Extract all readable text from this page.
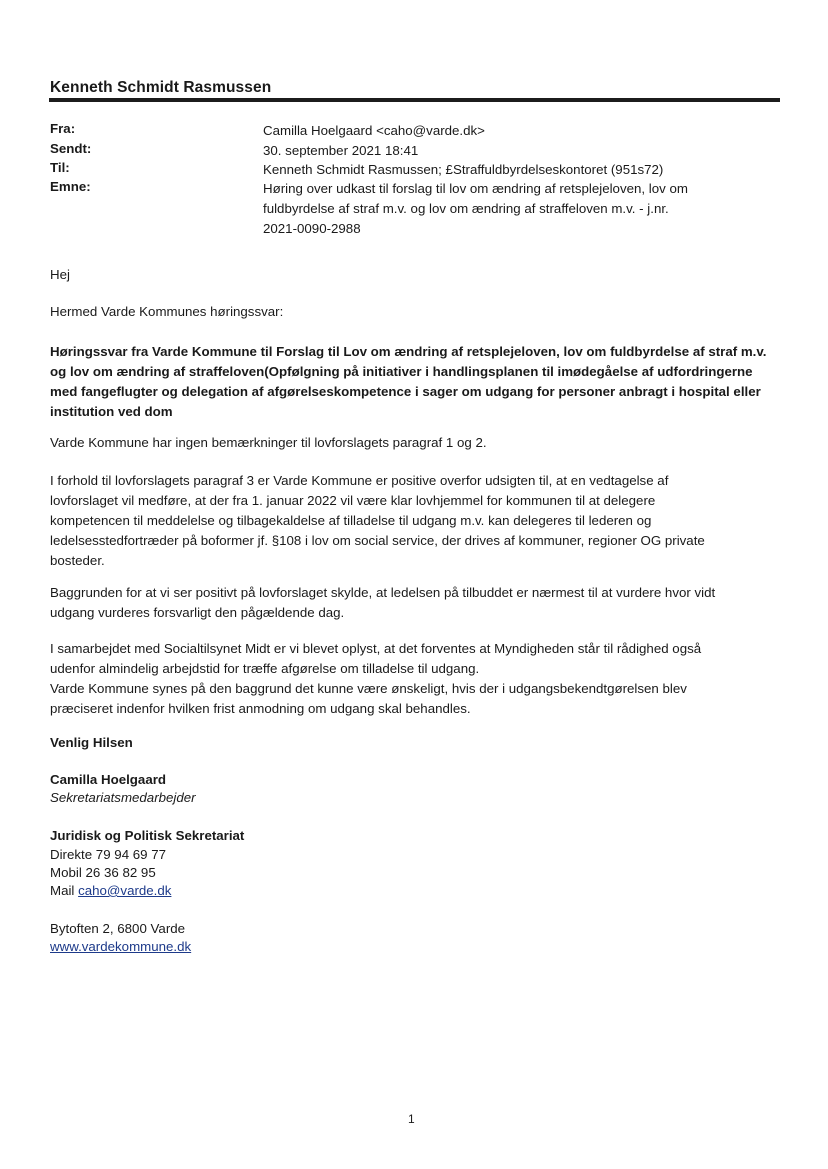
Kenneth Schmidt Rasmussen
Fra:	Camilla Hoelgaard <caho@varde.dk>
Sendt:	30. september 2021 18:41
Til:	Kenneth Schmidt Rasmussen; £Straffuldbyrdelseskontoret (951s72)
Emne:	Høring over udkast til forslag til lov om ændring af retsplejeloven, lov om
fuldbyrdelse af straf m.v. og lov om ændring af straffeloven m.v. - j.nr.
2021-0090-2988
Hej
Hermed Varde Kommunes høringssvar:
Høringssvar fra Varde Kommune til Forslag til Lov om ændring af retsplejeloven, lov om fuldbyrdelse af straf m.v.
og lov om ændring af straffeloven(Opfølgning på initiativer i handlingsplanen til imødegåelse af udfordringerne
med fangeflugter og delegation af afgørelseskompetence i sager om udgang for personer anbragt i hospital eller
institution ved dom
Varde Kommune har ingen bemærkninger til lovforslagets paragraf 1 og 2.
I forhold til lovforslagets paragraf 3 er Varde Kommune er positive overfor udsigten til, at en vedtagelse af
lovforslaget vil medføre, at der fra 1. januar 2022 vil være klar lovhjemmel for kommunen til at delegere
kompetencen til meddelelse og tilbagekaldelse af tilladelse til udgang m.v. kan delegeres til lederen og
ledelsesstedfortræder på boformer jf. §108 i lov om social service, der drives af kommuner, regioner OG private
bosteder.
Baggrunden for at vi ser positivt på lovforslaget skylde, at ledelsen på tilbuddet er nærmest til at vurdere hvor vidt
udgang vurderes forsvarligt den pågældende dag.
I samarbejdet med Socialtilsynet Midt er vi blevet oplyst, at det forventes at Myndigheden står til rådighed også
udenfor almindelig arbejdstid for træffe afgørelse om tilladelse til udgang.
Varde Kommune synes på den baggrund det kunne være ønskeligt, hvis der i udgangsbekendtgørelsen blev
præciseret indenfor hvilken frist anmodning om udgang skal behandles.
Venlig Hilsen
Camilla Hoelgaard
Sekretariatsmedarbejder
Juridisk og Politisk Sekretariat
Direkte 79 94 69 77
Mobil 26 36 82 95
Mail caho@varde.dk
Bytoften 2, 6800 Varde
www.vardekommune.dk
1
